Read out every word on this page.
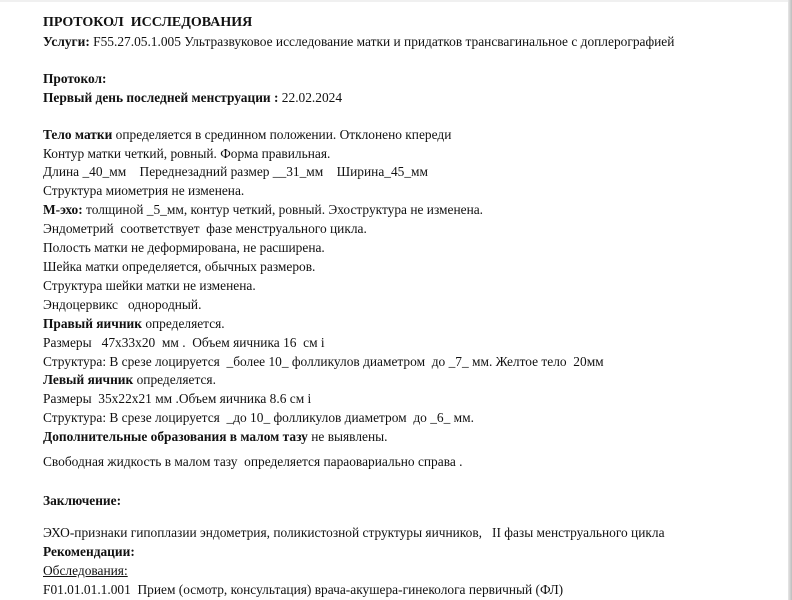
ПРОТОКОЛ  ИССЛЕДОВАНИЯ
Услуги: F55.27.05.1.005 Ультразвуковое исследование матки и придатков трансвагинальное с доплерографией
Протокол:
Первый день последней менструации : 22.02.2024
Тело матки определяется в срединном положении. Отклонено кпереди
Контур матки четкий, ровный. Форма правильная.
Длина _40_мм    Переднезадний размер __31_мм    Ширина_45_мм
Структура миометрия не изменена.
М-эхо: толщиной _5_мм, контур четкий, ровный. Эхоструктура не изменена.
Эндометрий  соответствует  фазе менструального цикла.
Полость матки не деформирована, не расширена.
Шейка матки определяется, обычных размеров.
Структура шейки матки не изменена.
Эндоцервикс   однородный.
Правый яичник определяется.
Размеры   47х33х20  мм .  Объем яичника 16  см і
Структура: В срезе лоцируется  _более 10_ фолликулов диаметром  до _7_ мм. Желтое тело  20мм
Левый яичник определяется.
Размеры  35х22х21 мм .Объем яичника 8.6 см і
Структура: В срезе лоцируется  _до 10_ фолликулов диаметром  до _6_ мм.
Дополнительные образования в малом тазу не выявлены.
Свободная жидкость в малом тазу  определяется параовариально справа .
Заключение:
ЭХО-признаки гипоплазии эндометрия, поликистозной структуры яичников,   II фазы менструального цикла
Рекомендации:
Обследования:
F01.01.01.1.001  Прием (осмотр, консультация) врача-акушера-гинеколога первичный (ФЛ)
